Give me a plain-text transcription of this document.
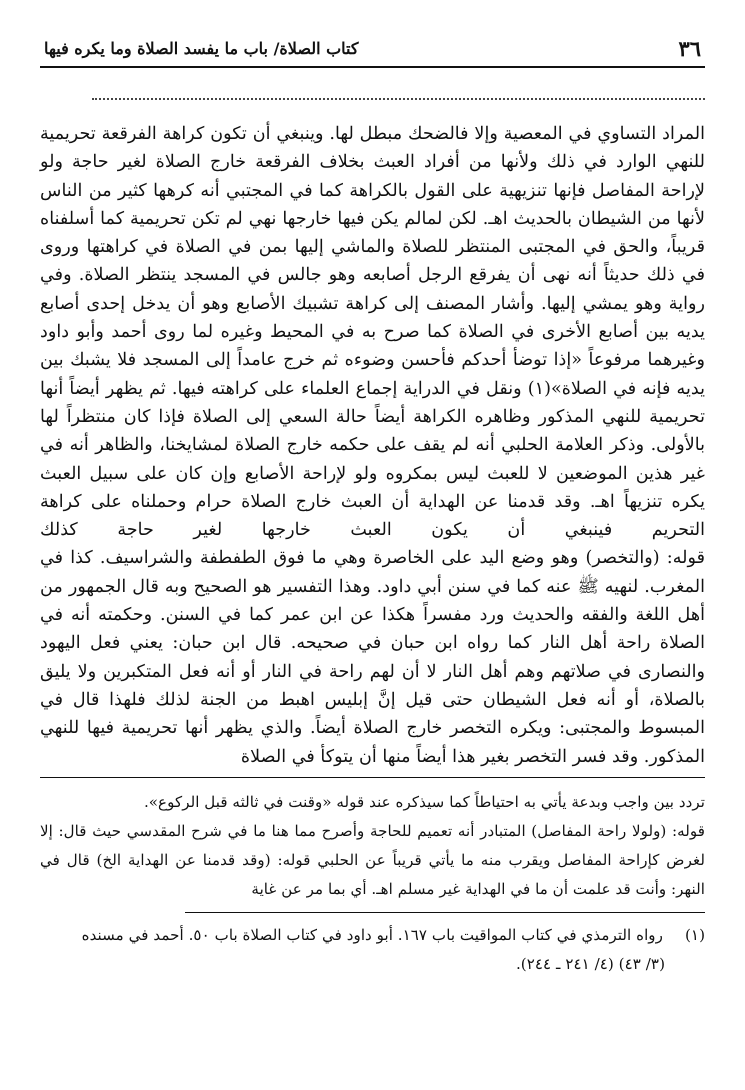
٣٦
كتاب الصلاة/ باب ما يفسد الصلاة وما يكره فيها

المراد التساوي في المعصية وإلا فالضحك مبطل لها. وينبغي أن تكون كراهة الفرقعة تحريمية للنهي الوارد في ذلك ولأنها من أفراد العبث بخلاف الفرقعة خارج الصلاة لغير حاجة ولو لإراحة المفاصل فإنها تنزيهية على القول بالكراهة كما في المجتبي أنه كرهها كثير من الناس لأنها من الشيطان بالحديث اهـ. لكن لمالم يكن فيها خارجها نهي لم تكن تحريمية كما أسلفناه قريباً، والحق في المجتبى المنتظر للصلاة والماشي إليها بمن في الصلاة في كراهتها وروى في ذلك حديثاً أنه نهى أن يفرقع الرجل أصابعه وهو جالس في المسجد ينتظر الصلاة. وفي رواية وهو يمشي إليها. وأشار المصنف إلى كراهة تشبيك الأصابع وهو أن يدخل إحدى أصابع يديه بين أصابع الأخرى في الصلاة كما صرح به في المحيط وغيره لما روى أحمد وأبو داود وغيرهما مرفوعاً «إذا توضأ أحدكم فأحسن وضوءه ثم خرج عامداً إلى المسجد فلا يشبك بين يديه فإنه في الصلاة»(١) ونقل في الدراية إجماع العلماء على كراهته فيها. ثم يظهر أيضاً أنها تحريمية للنهي المذكور وظاهره الكراهة أيضاً حالة السعي إلى الصلاة فإذا كان منتظراً لها بالأولى. وذكر العلامة الحلبي أنه لم يقف على حكمه خارج الصلاة لمشايخنا، والظاهر أنه في غير هذين الموضعين لا للعبث ليس بمكروه ولو لإراحة الأصابع وإن كان على سبيل العبث يكره تنزيهاً اهـ. وقد قدمنا عن الهداية أن العبث خارج الصلاة حرام وحملناه على كراهة التحريم فينبغي أن يكون العبث خارجها لغير حاجة كذلك

قوله: (والتخصر) وهو وضع اليد على الخاصرة وهي ما فوق الطفطفة والشراسيف. كذا في المغرب. لنهيه ﷺ عنه كما في سنن أبي داود. وهذا التفسير هو الصحيح وبه قال الجمهور من أهل اللغة والفقه والحديث ورد مفسراً هكذا عن ابن عمر كما في السنن. وحكمته أنه في الصلاة راحة أهل النار كما رواه ابن حبان في صحيحه. قال ابن حبان: يعني فعل اليهود والنصارى في صلاتهم وهم أهل النار لا أن لهم راحة في النار أو أنه فعل المتكبرين ولا يليق بالصلاة، أو أنه فعل الشيطان حتى قيل إنَّ إبليس اهبط من الجنة لذلك فلهذا قال في المبسوط والمجتبى: ويكره التخصر خارج الصلاة أيضاً. والذي يظهر أنها تحريمية فيها للنهي المذكور. وقد فسر التخصر بغير هذا أيضاً منها أن يتوكأ في الصلاة

تردد بين واجب وبدعة يأتي به احتياطاً كما سيذكره عند قوله «وقنت في ثالثه قبل الركوع».

قوله: (ولولا راحة المفاصل) المتبادر أنه تعميم للحاجة وأصرح مما هنا ما في شرح المقدسي حيث قال: إلا لغرض كإراحة المفاصل ويقرب منه ما يأتي قريباً عن الحلبي قوله: (وقد قدمنا عن الهداية الخ) قال في النهر: وأنت قد علمت أن ما في الهداية غير مسلم اهـ. أي بما مر عن غاية

(١)رواه الترمذي في كتاب المواقيت باب ١٦٧. أبو داود في كتاب الصلاة باب ٥٠. أحمد في مسنده

(٣/ ٤٣) (٤/ ٢٤١ ـ ٢٤٤).
